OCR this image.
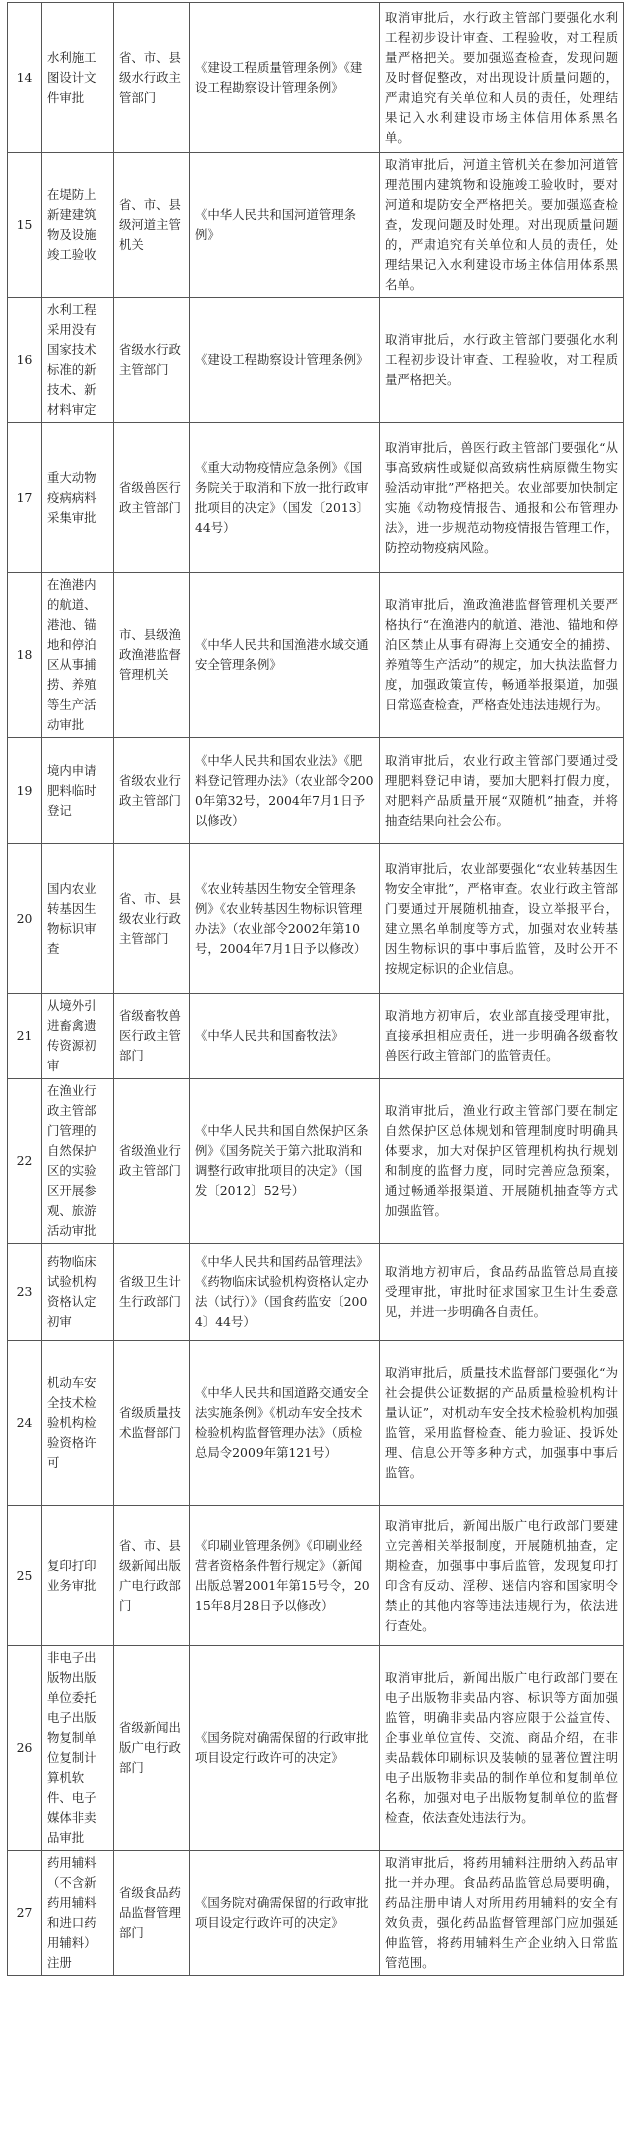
14	水利施工图设计文件审批	省、市、县级水行政主管部门	《建设工程质量管理条例》《建设工程勘察设计管理条例》	取消审批后，水行政主管部门要强化水利工程初步设计审查、工程验收，对工程质量严格把关。要加强巡查检查，发现问题及时督促整改，对出现设计质量问题的，严肃追究有关单位和人员的责任，处理结果记入水利建设市场主体信用体系黑名单。
15	在堤防上新建建筑物及设施竣工验收	省、市、县级河道主管机关	《中华人民共和国河道管理条例》	取消审批后，河道主管机关在参加河道管理范围内建筑物和设施竣工验收时，要对河道和堤防安全严格把关。要加强巡查检查，发现问题及时处理。对出现质量问题的，严肃追究有关单位和人员的责任，处理结果记入水利建设市场主体信用体系黑名单。
16	水利工程采用没有国家技术标准的新技术、新材料审定	省级水行政主管部门	《建设工程勘察设计管理条例》	取消审批后，水行政主管部门要强化水利工程初步设计审查、工程验收，对工程质量严格把关。
17	重大动物疫病病料采集审批	省级兽医行政主管部门	《重大动物疫情应急条例》《国务院关于取消和下放一批行政审批项目的决定》（国发〔2013〕44号）	取消审批后，兽医行政主管部门要强化“从事高致病性或疑似高致病性病原微生物实验活动审批”严格把关。农业部要加快制定实施《动物疫情报告、通报和公布管理办法》，进一步规范动物疫情报告管理工作，防控动物疫病风险。
18	在渔港内的航道、港池、锚地和停泊区从事捕捞、养殖等生产活动审批	市、县级渔政渔港监督管理机关	《中华人民共和国渔港水域交通安全管理条例》	取消审批后，渔政渔港监督管理机关要严格执行“在渔港内的航道、港池、锚地和停泊区禁止从事有碍海上交通安全的捕捞、养殖等生产活动”的规定，加大执法监督力度，加强政策宣传，畅通举报渠道，加强日常巡查检查，严格查处违法违规行为。
19	境内申请肥料临时登记	省级农业行政主管部门	《中华人民共和国农业法》《肥料登记管理办法》（农业部令2000年第32号，2004年7月1日予以修改）	取消审批后，农业行政主管部门要通过受理肥料登记申请，要加大肥料打假力度，对肥料产品质量开展“双随机”抽查，并将抽查结果向社会公布。
20	国内农业转基因生物标识审查	省、市、县级农业行政主管部门	《农业转基因生物安全管理条例》《农业转基因生物标识管理办法》（农业部令2002年第10号，2004年7月1日予以修改）	取消审批后，农业部要强化“农业转基因生物安全审批”，严格审查。农业行政主管部门要通过开展随机抽查，设立举报平台，建立黑名单制度等方式，加强对农业转基因生物标识的事中事后监管，及时公开不按规定标识的企业信息。
21	从境外引进畜禽遗传资源初审	省级畜牧兽医行政主管部门	《中华人民共和国畜牧法》	取消地方初审后，农业部直接受理审批，直接承担相应责任，进一步明确各级畜牧兽医行政主管部门的监管责任。
22	在渔业行政主管部门管理的自然保护区的实验区开展参观、旅游活动审批	省级渔业行政主管部门	《中华人民共和国自然保护区条例》《国务院关于第六批取消和调整行政审批项目的决定》（国发〔2012〕52号）	取消审批后，渔业行政主管部门要在制定自然保护区总体规划和管理制度时明确具体要求，加大对保护区管理机构执行规划和制度的监督力度，同时完善应急预案，通过畅通举报渠道、开展随机抽查等方式加强监管。
23	药物临床试验机构资格认定初审	省级卫生计生行政部门	《中华人民共和国药品管理法》《药物临床试验机构资格认定办法（试行）》（国食药监安〔2004〕44号）	取消地方初审后，食品药品监管总局直接受理审批，审批时征求国家卫生计生委意见，并进一步明确各自责任。
24	机动车安全技术检验机构检验资格许可	省级质量技术监督部门	《中华人民共和国道路交通安全法实施条例》《机动车安全技术检验机构监督管理办法》（质检总局令2009年第121号）	取消审批后，质量技术监督部门要强化“为社会提供公证数据的产品质量检验机构计量认证”，对机动车安全技术检验机构加强监管，采用监督检查、能力验证、投诉处理、信息公开等多种方式，加强事中事后监管。
25	复印打印业务审批	省、市、县级新闻出版广电行政部门	《印刷业管理条例》《印刷业经营者资格条件暂行规定》（新闻出版总署2001年第15号令，2015年8月28日予以修改）	取消审批后，新闻出版广电行政部门要建立完善相关举报制度，开展随机抽查，定期检查，加强事中事后监管，发现复印打印含有反动、淫秽、迷信内容和国家明令禁止的其他内容等违法违规行为，依法进行查处。
26	非电子出版物出版单位委托电子出版物复制单位复制计算机软件、电子媒体非卖品审批	省级新闻出版广电行政部门	《国务院对确需保留的行政审批项目设定行政许可的决定》	取消审批后，新闻出版广电行政部门要在电子出版物非卖品内容、标识等方面加强监管，明确非卖品内容应限于公益宣传、企事业单位宣传、交流、商品介绍，在非卖品载体印刷标识及装帧的显著位置注明电子出版物非卖品的制作单位和复制单位名称，加强对电子出版物复制单位的监督检查，依法查处违法行为。
27	药用辅料（不含新药用辅料和进口药用辅料）注册	省级食品药品监督管理部门	《国务院对确需保留的行政审批项目设定行政许可的决定》	取消审批后，将药用辅料注册纳入药品审批一并办理。食品药品监管总局要明确，药品注册申请人对所用药用辅料的安全有效负责，强化药品监督管理部门应加强延伸监管，将药用辅料生产企业纳入日常监管范围。
